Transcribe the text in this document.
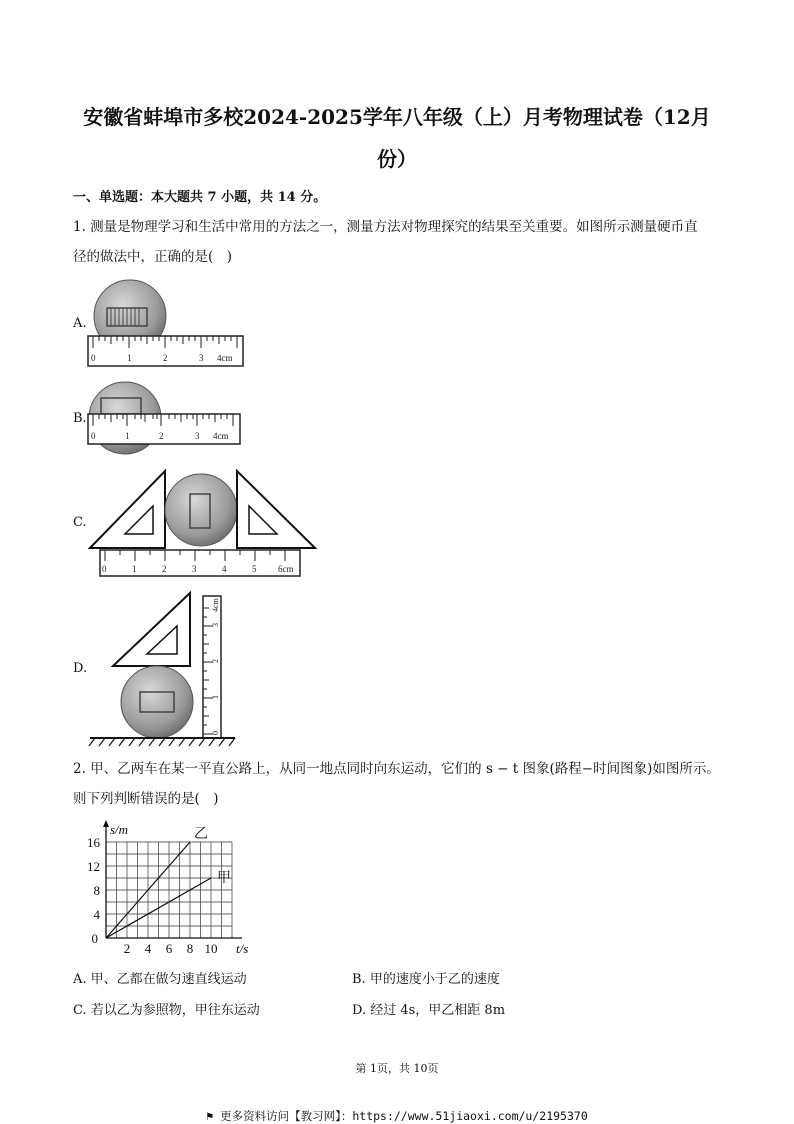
安徽省蚌埠市多校2024-2025学年八年级（上）月考物理试卷（12月
份）
一、单选题：本大题共 7 小题，共 14 分。
1. 测量是物理学习和生活中常用的方法之一，测量方法对物理探究的结果至关重要。如图所示测量硬币直
径的做法中，正确的是(　)
A.
0	1	2	3 4cm
B.
0	1	2	3 4cm
C.
0	1	2	3	4	5 6cm
D.
0
1
2
3
4cm
2. 甲、乙两车在某一平直公路上，从同一地点同时向东运动，它们的 s − t 图象(路程−时间图象)如图所示。
则下列判断错误的是(　)
乙
甲
16
12
8
4
2 4 6 8 10
0
s/m
t/s
A. 甲、乙都在做匀速直线运动	B. 甲的速度小于乙的速度
C. 若以乙为参照物，甲往东运动	D. 经过 4s，甲乙相距 8m
第 1页，共 10页
⚑ 更多资料访问【教习网】：https://www.51jiaoxi.com/u/2195370
